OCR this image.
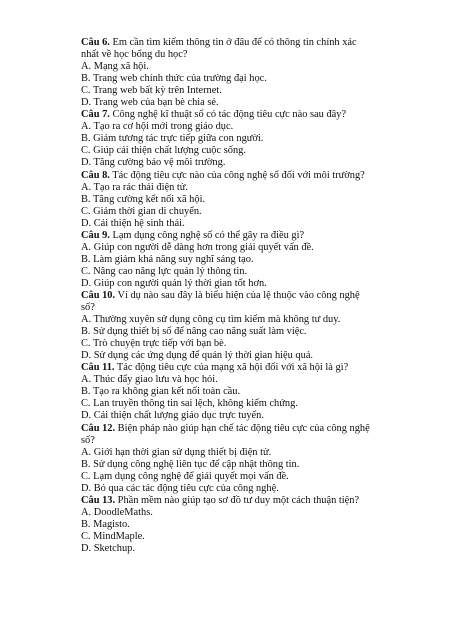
Câu 6. Em cần tìm kiếm thông tin ở đâu để có thông tin chính xác
nhất về học bổng du học?
A. Mạng xã hội.
B. Trang web chính thức của trường đại học.
C. Trang web bất kỳ trên Internet.
D. Trang web của bạn bè chia sẻ.
Câu 7. Công nghệ kĩ thuật số có tác động tiêu cực nào sau đây?
A. Tạo ra cơ hội mới trong giáo dục.
B. Giảm tương tác trực tiếp giữa con người.
C. Giúp cải thiện chất lượng cuộc sống.
D. Tăng cường bảo vệ môi trường.
Câu 8. Tác động tiêu cực nào của công nghệ số đối với môi trường?
A. Tạo ra rác thải điện tử.
B. Tăng cường kết nối xã hội.
C. Giảm thời gian di chuyển.
D. Cải thiện hệ sinh thái.
Câu 9. Lạm dụng công nghệ số có thể gây ra điều gì?
A. Giúp con người dễ dàng hơn trong giải quyết vấn đề.
B. Làm giảm khả năng suy nghĩ sáng tạo.
C. Nâng cao năng lực quản lý thông tin.
D. Giúp con người quản lý thời gian tốt hơn.
Câu 10. Ví dụ nào sau đây là biểu hiện của lệ thuộc vào công nghệ
số?
A. Thường xuyên sử dụng công cụ tìm kiếm mà không tư duy.
B. Sử dụng thiết bị số để nâng cao năng suất làm việc.
C. Trò chuyện trực tiếp với bạn bè.
D. Sử dụng các ứng dụng để quản lý thời gian hiệu quả.
Câu 11. Tác động tiêu cực của mạng xã hội đối với xã hội là gì?
A. Thúc đẩy giao lưu và học hỏi.
B. Tạo ra không gian kết nối toàn cầu.
C. Lan truyền thông tin sai lệch, không kiểm chứng.
D. Cải thiện chất lượng giáo dục trực tuyến.
Câu 12. Biện pháp nào giúp hạn chế tác động tiêu cực của công nghệ
số?
A. Giới hạn thời gian sử dụng thiết bị điện tử.
B. Sử dụng công nghệ liên tục để cập nhật thông tin.
C. Lạm dụng công nghệ để giải quyết mọi vấn đề.
D. Bỏ qua các tác động tiêu cực của công nghệ.
Câu 13. Phần mềm nào giúp tạo sơ đồ tư duy một cách thuận tiện?
A. DoodleMaths.
B. Magisto.
C. MindMaple.
D. Sketchup.
